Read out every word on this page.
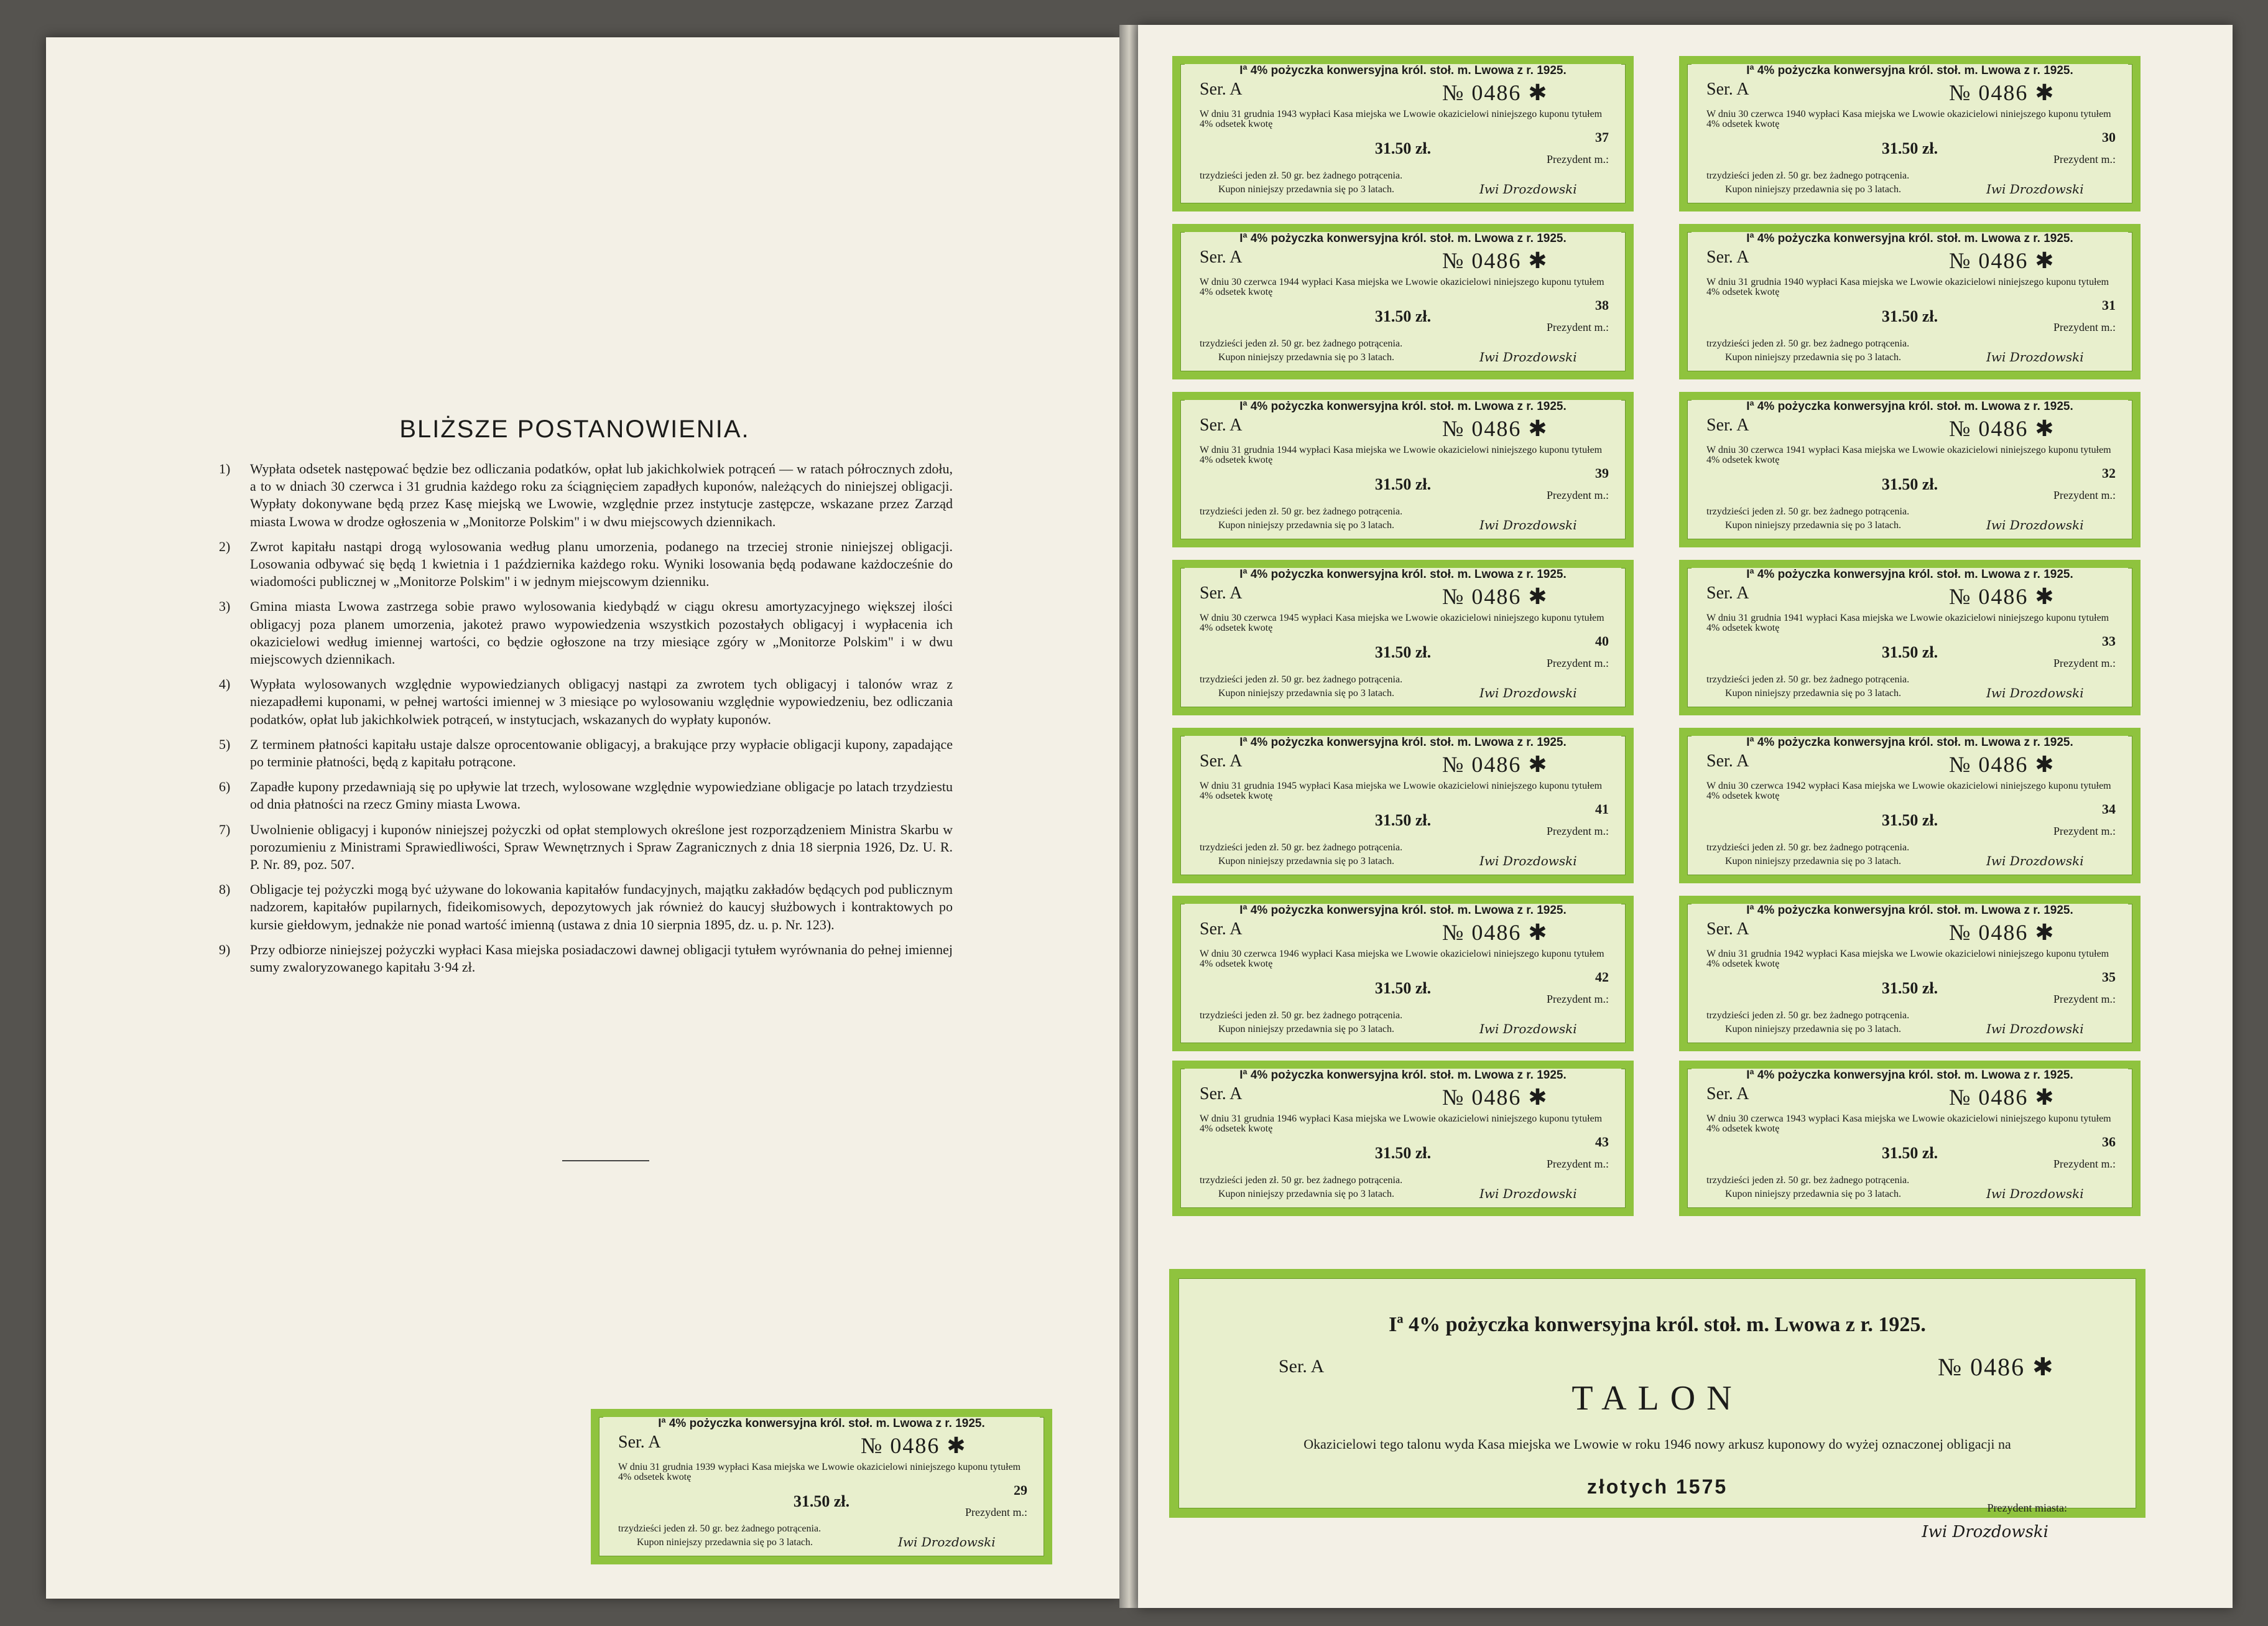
BLIŻSZE POSTANOWIENIA.
1) Wypłata odsetek następować będzie bez odliczania podatków, opłat lub jakichkolwiek potrąceń — w ratach półrocznych zdołu, a to w dniach 30 czerwca i 31 grudnia każdego roku za ściągnięciem zapadłych kuponów, należących do niniejszej obligacji. Wypłaty dokonywane będą przez Kasę miejską we Lwowie, względnie przez instytucje zastępcze, wskazane przez Zarząd miasta Lwowa w drodze ogłoszenia w „Monitorze Polskim" i w dwu miejscowych dziennikach.
2) Zwrot kapitału nastąpi drogą wylosowania według planu umorzenia, podanego na trzeciej stronie niniejszej obligacji. Losowania odbywać się będą 1 kwietnia i 1 października każdego roku. Wyniki losowania będą podawane każdocześnie do wiadomości publicznej w „Monitorze Polskim" i w jednym miejscowym dzienniku.
3) Gmina miasta Lwowa zastrzega sobie prawo wylosowania kiedybądź w ciągu okresu amortyzacyjnego większej ilości obligacyj poza planem umorzenia, jakoteż prawo wypowiedzenia wszystkich pozostałych obligacyj i wypłacenia ich okazicielowi według imiennej wartości, co będzie ogłoszone na trzy miesiące zgóry w „Monitorze Polskim" i w dwu miejscowych dziennikach.
4) Wypłata wylosowanych względnie wypowiedzianych obligacyj nastąpi za zwrotem tych obligacyj i talonów wraz z niezapadłemi kuponami, w pełnej wartości imiennej w 3 miesiące po wylosowaniu względnie wypowiedzeniu, bez odliczania podatków, opłat lub jakichkolwiek potrąceń, w instytucjach, wskazanych do wypłaty kuponów.
5) Z terminem płatności kapitału ustaje dalsze oprocentowanie obligacyj, a brakujące przy wypłacie obligacji kupony, zapadające po terminie płatności, będą z kapitału potrącone.
6) Zapadłe kupony przedawniają się po upływie lat trzech, wylosowane względnie wypowiedziane obligacje po latach trzydziestu od dnia płatności na rzecz Gminy miasta Lwowa.
7) Uwolnienie obligacyj i kuponów niniejszej pożyczki od opłat stemplowych określone jest rozporządzeniem Ministra Skarbu w porozumieniu z Ministrami Sprawiedliwości, Spraw Wewnętrznych i Spraw Zagranicznych z dnia 18 sierpnia 1926, Dz. U. R. P. Nr. 89, poz. 507.
8) Obligacje tej pożyczki mogą być używane do lokowania kapitałów fundacyjnych, majątku zakładów będących pod publicznym nadzorem, kapitałów pupilarnych, fideikomisowych, depozytowych jak również do kaucyj służbowych i kontraktowych po kursie giełdowym, jednakże nie ponad wartość imienną (ustawa z dnia 10 sierpnia 1895, dz. u. p. Nr. 123).
9) Przy odbiorze niniejszej pożyczki wypłaci Kasa miejska posiadaczowi dawnej obligacji tytułem wyrównania do pełnej imiennej sumy zwaloryzowanego kapitału 3·94 zł.
Iª 4% pożyczka konwersyjna król. stoł. m. Lwowa z r. 1925.
Ser. A	№ 0486 ✱
TALON
Okazicielowi tego talonu wyda Kasa miejska we Lwowie w roku 1946 nowy arkusz kuponowy do wyżej oznaczonej obligacji na
złotych 1575
Prezydent miasta:
Iwi Drozdowski
Iª 4% pożyczka konwersyjna król. stoł. m. Lwowa z r. 1925.
Ser. A	№ 0486 ✱
W dniu 31 grudnia 1943 wypłaci Kasa miejska we Lwowie okazicielowi niniejszego kuponu tytułem 4% odsetek kwotę
31.50 zł.
37
Prezydent m.:
trzydzieści jeden zł. 50 gr. bez żadnego potrącenia.
Kupon niniejszy przedawnia się po 3 latach.	Iwi Drozdowski
Iª 4% pożyczka konwersyjna król. stoł. m. Lwowa z r. 1925.
Ser. A	№ 0486 ✱
W dniu 30 czerwca 1940 wypłaci Kasa miejska we Lwowie okazicielowi niniejszego kuponu tytułem 4% odsetek kwotę
31.50 zł.
30
Prezydent m.:
trzydzieści jeden zł. 50 gr. bez żadnego potrącenia.
Kupon niniejszy przedawnia się po 3 latach.	Iwi Drozdowski
Iª 4% pożyczka konwersyjna król. stoł. m. Lwowa z r. 1925.
Ser. A	№ 0486 ✱
W dniu 30 czerwca 1944 wypłaci Kasa miejska we Lwowie okazicielowi niniejszego kuponu tytułem 4% odsetek kwotę
31.50 zł.
38
Prezydent m.:
trzydzieści jeden zł. 50 gr. bez żadnego potrącenia.
Kupon niniejszy przedawnia się po 3 latach.	Iwi Drozdowski
Iª 4% pożyczka konwersyjna król. stoł. m. Lwowa z r. 1925.
Ser. A	№ 0486 ✱
W dniu 31 grudnia 1940 wypłaci Kasa miejska we Lwowie okazicielowi niniejszego kuponu tytułem 4% odsetek kwotę
31.50 zł.
31
Prezydent m.:
trzydzieści jeden zł. 50 gr. bez żadnego potrącenia.
Kupon niniejszy przedawnia się po 3 latach.	Iwi Drozdowski
Iª 4% pożyczka konwersyjna król. stoł. m. Lwowa z r. 1925.
Ser. A	№ 0486 ✱
W dniu 31 grudnia 1944 wypłaci Kasa miejska we Lwowie okazicielowi niniejszego kuponu tytułem 4% odsetek kwotę
31.50 zł.
39
Prezydent m.:
trzydzieści jeden zł. 50 gr. bez żadnego potrącenia.
Kupon niniejszy przedawnia się po 3 latach.	Iwi Drozdowski
Iª 4% pożyczka konwersyjna król. stoł. m. Lwowa z r. 1925.
Ser. A	№ 0486 ✱
W dniu 30 czerwca 1941 wypłaci Kasa miejska we Lwowie okazicielowi niniejszego kuponu tytułem 4% odsetek kwotę
31.50 zł.
32
Prezydent m.:
trzydzieści jeden zł. 50 gr. bez żadnego potrącenia.
Kupon niniejszy przedawnia się po 3 latach.	Iwi Drozdowski
Iª 4% pożyczka konwersyjna król. stoł. m. Lwowa z r. 1925.
Ser. A	№ 0486 ✱
W dniu 30 czerwca 1945 wypłaci Kasa miejska we Lwowie okazicielowi niniejszego kuponu tytułem 4% odsetek kwotę
31.50 zł.
40
Prezydent m.:
trzydzieści jeden zł. 50 gr. bez żadnego potrącenia.
Kupon niniejszy przedawnia się po 3 latach.	Iwi Drozdowski
Iª 4% pożyczka konwersyjna król. stoł. m. Lwowa z r. 1925.
Ser. A	№ 0486 ✱
W dniu 31 grudnia 1941 wypłaci Kasa miejska we Lwowie okazicielowi niniejszego kuponu tytułem 4% odsetek kwotę
31.50 zł.
33
Prezydent m.:
trzydzieści jeden zł. 50 gr. bez żadnego potrącenia.
Kupon niniejszy przedawnia się po 3 latach.	Iwi Drozdowski
Iª 4% pożyczka konwersyjna król. stoł. m. Lwowa z r. 1925.
Ser. A	№ 0486 ✱
W dniu 31 grudnia 1945 wypłaci Kasa miejska we Lwowie okazicielowi niniejszego kuponu tytułem 4% odsetek kwotę
31.50 zł.
41
Prezydent m.:
trzydzieści jeden zł. 50 gr. bez żadnego potrącenia.
Kupon niniejszy przedawnia się po 3 latach.	Iwi Drozdowski
Iª 4% pożyczka konwersyjna król. stoł. m. Lwowa z r. 1925.
Ser. A	№ 0486 ✱
W dniu 30 czerwca 1942 wypłaci Kasa miejska we Lwowie okazicielowi niniejszego kuponu tytułem 4% odsetek kwotę
31.50 zł.
34
Prezydent m.:
trzydzieści jeden zł. 50 gr. bez żadnego potrącenia.
Kupon niniejszy przedawnia się po 3 latach.	Iwi Drozdowski
Iª 4% pożyczka konwersyjna król. stoł. m. Lwowa z r. 1925.
Ser. A	№ 0486 ✱
W dniu 30 czerwca 1946 wypłaci Kasa miejska we Lwowie okazicielowi niniejszego kuponu tytułem 4% odsetek kwotę
31.50 zł.
42
Prezydent m.:
trzydzieści jeden zł. 50 gr. bez żadnego potrącenia.
Kupon niniejszy przedawnia się po 3 latach.	Iwi Drozdowski
Iª 4% pożyczka konwersyjna król. stoł. m. Lwowa z r. 1925.
Ser. A	№ 0486 ✱
W dniu 31 grudnia 1942 wypłaci Kasa miejska we Lwowie okazicielowi niniejszego kuponu tytułem 4% odsetek kwotę
31.50 zł.
35
Prezydent m.:
trzydzieści jeden zł. 50 gr. bez żadnego potrącenia.
Kupon niniejszy przedawnia się po 3 latach.	Iwi Drozdowski
Iª 4% pożyczka konwersyjna król. stoł. m. Lwowa z r. 1925.
Ser. A	№ 0486 ✱
W dniu 31 grudnia 1946 wypłaci Kasa miejska we Lwowie okazicielowi niniejszego kuponu tytułem 4% odsetek kwotę
31.50 zł.
43
Prezydent m.:
trzydzieści jeden zł. 50 gr. bez żadnego potrącenia.
Kupon niniejszy przedawnia się po 3 latach.	Iwi Drozdowski
Iª 4% pożyczka konwersyjna król. stoł. m. Lwowa z r. 1925.
Ser. A	№ 0486 ✱
W dniu 30 czerwca 1943 wypłaci Kasa miejska we Lwowie okazicielowi niniejszego kuponu tytułem 4% odsetek kwotę
31.50 zł.
36
Prezydent m.:
trzydzieści jeden zł. 50 gr. bez żadnego potrącenia.
Kupon niniejszy przedawnia się po 3 latach.	Iwi Drozdowski
Iª 4% pożyczka konwersyjna król. stoł. m. Lwowa z r. 1925.
Ser. A	№ 0486 ✱
W dniu 31 grudnia 1939 wypłaci Kasa miejska we Lwowie okazicielowi niniejszego kuponu tytułem 4% odsetek kwotę
31.50 zł.
29
Prezydent m.:
trzydzieści jeden zł. 50 gr. bez żadnego potrącenia.
Kupon niniejszy przedawnia się po 3 latach.	Iwi Drozdowski
